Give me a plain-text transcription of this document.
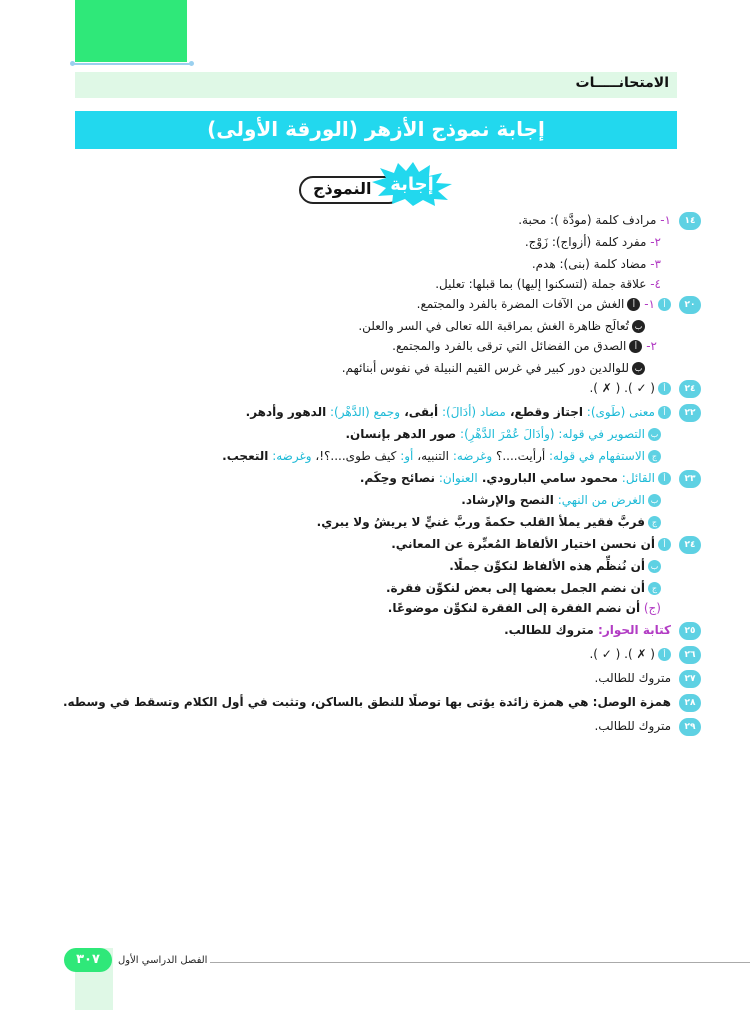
الامتحانـــــات
إجابة نموذج الأزهر (الورقة الأولى)
النموذج	إجابة
١٤
٢٠
٢٤
٢٢
٢٣
٢٤
٢٥
٢٦
٢٧
٢٨
٢٩
١- مرادف كلمة (مودَّة ): محبة.
٢- مفرد كلمة (أزواج): زَوْج.
٣- مضاد كلمة (بنى): هدم.
٤- علاقة جملة (لتسكنوا إليها) بما قبلها: تعليل.
أ١- أالغش من الآفات المضرة بالفرد والمجتمع.
بتُعالَج ظاهرة الغش بمراقبة الله تعالى في السر والعلن.
٢- أالصدق من الفضائل التي ترقى بالفرد والمجتمع.
بللوالدين دور كبير في غرس القيم النبيلة في نفوس أبنائهم.
أ( ✓ ). ( ✗ ).
أمعنى (طَوى): اجتاز وقطع، مضاد (أدَالَ): أبقى، وجمع (الدَّهْر): الدهور وأدهر.
بالتصوير في قوله: (وأدَالَ عُمْرَ الدَّهْرِ): صور الدهر بإنسان.
جالاستفهام في قوله: أرأيت....؟ وغرضه: التنبيه، أو: كيف طوى....؟!، وغرضه: التعجب.
أالقائل: محمود سامي البارودي. العنوان: نصائح وحِكَم.
بالغرض من النهي: النصح والإرشاد.
جفربَّ فقير يملأ القلب حكمةً وربَّ غنيٍّ لا يريشُ ولا يبري.
أأن نحسن اختيار الألفاظ المُعبِّرة عن المعاني.
بأن نُنظِّم هذه الألفاظ لنكوِّن جملًا.
جأن نضم الجمل بعضها إلى بعض لنكوِّن فقرة.
(ج) أن نضم الفقرة إلى الفقرة لنكوِّن موضوعًا.
كتابة الحوار: متروك للطالب.
أ( ✗ ). ( ✓ ).
متروك للطالب.
همزة الوصل: هي همزة زائدة يؤتى بها توصلًا للنطق بالساكن، وتثبت في أول الكلام وتسقط في وسطه.
متروك للطالب.
الفصل الدراسي الأول
٣٠٧
